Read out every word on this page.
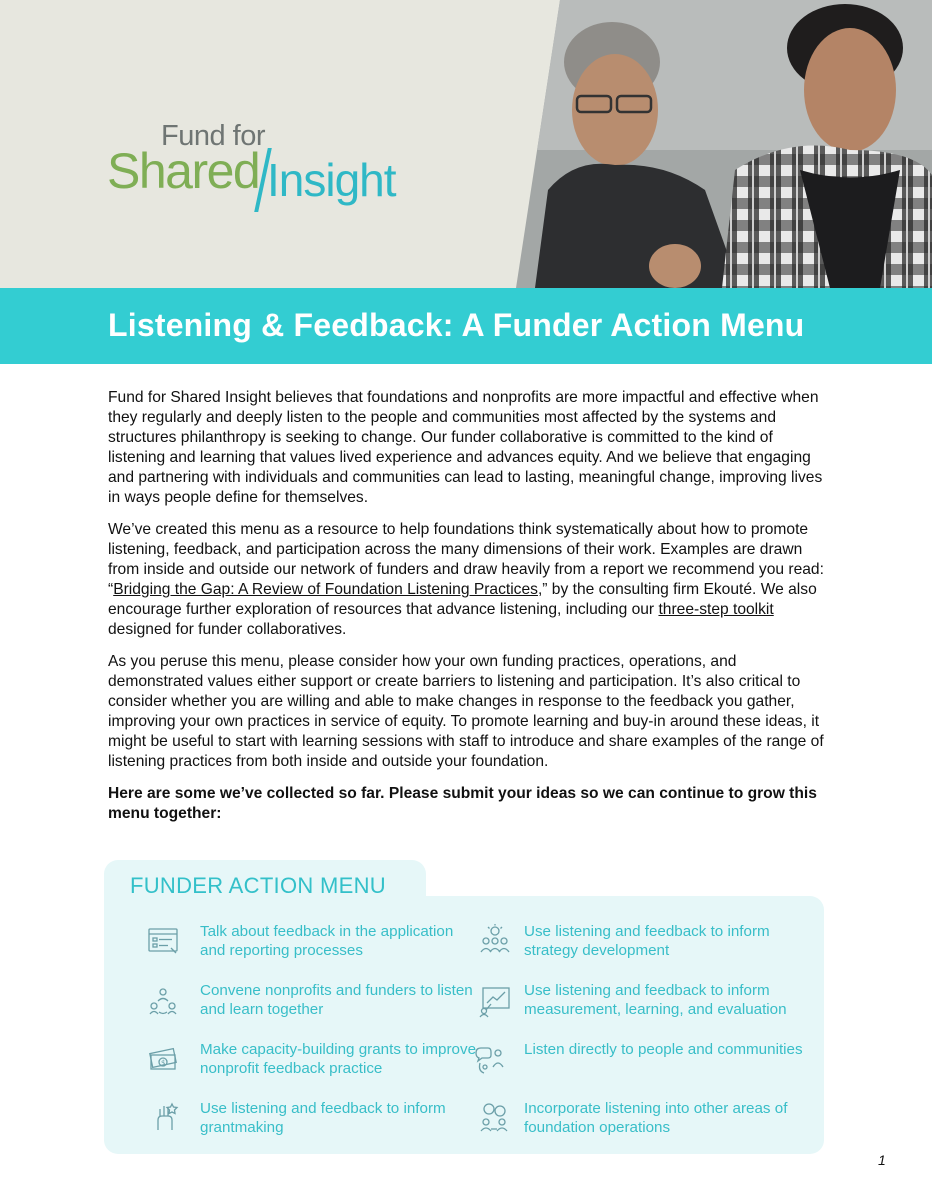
Fund for
Shared Insight
Listening & Feedback: A Funder Action Menu

Fund for Shared Insight believes that foundations and nonprofits are more impactful and effective when they regularly and deeply listen to the people and communities most affected by the systems and structures philanthropy is seeking to change. Our funder collaborative is committed to the kind of listening and learning that values lived experience and advances equity. And we believe that engaging and partnering with individuals and communities can lead to lasting, meaningful change, improving lives in ways people define for themselves.

We’ve created this menu as a resource to help foundations think systematically about how to promote listening, feedback, and participation across the many dimensions of their work. Examples are drawn from inside and outside our network of funders and draw heavily from a report we recommend you read: “Bridging the Gap: A Review of Foundation Listening Practices,” by the consulting firm Ekouté. We also encourage further exploration of resources that advance listening, including our three-step toolkit designed for funder collaboratives.

As you peruse this menu, please consider how your own funding practices, operations, and demonstrated values either support or create barriers to listening and participation. It’s also critical to consider whether you are willing and able to make changes in response to the feedback you gather, improving your own practices in service of equity. To promote learning and buy-in around these ideas, it might be useful to start with learning sessions with staff to introduce and share examples of the range of listening practices from both inside and outside your foundation.

Here are some we’ve collected so far. Please submit your ideas so we can continue to grow this menu together:

FUNDER ACTION MENU
Talk about feedback in the application and reporting processes
Use listening and feedback to inform strategy development
Convene nonprofits and funders to listen and learn together
Use listening and feedback to inform measurement, learning, and evaluation
$
Make capacity-building grants to improve nonprofit feedback practice
Listen directly to people and communities
Use listening and feedback to inform grantmaking
Incorporate listening into other areas of foundation operations
1
